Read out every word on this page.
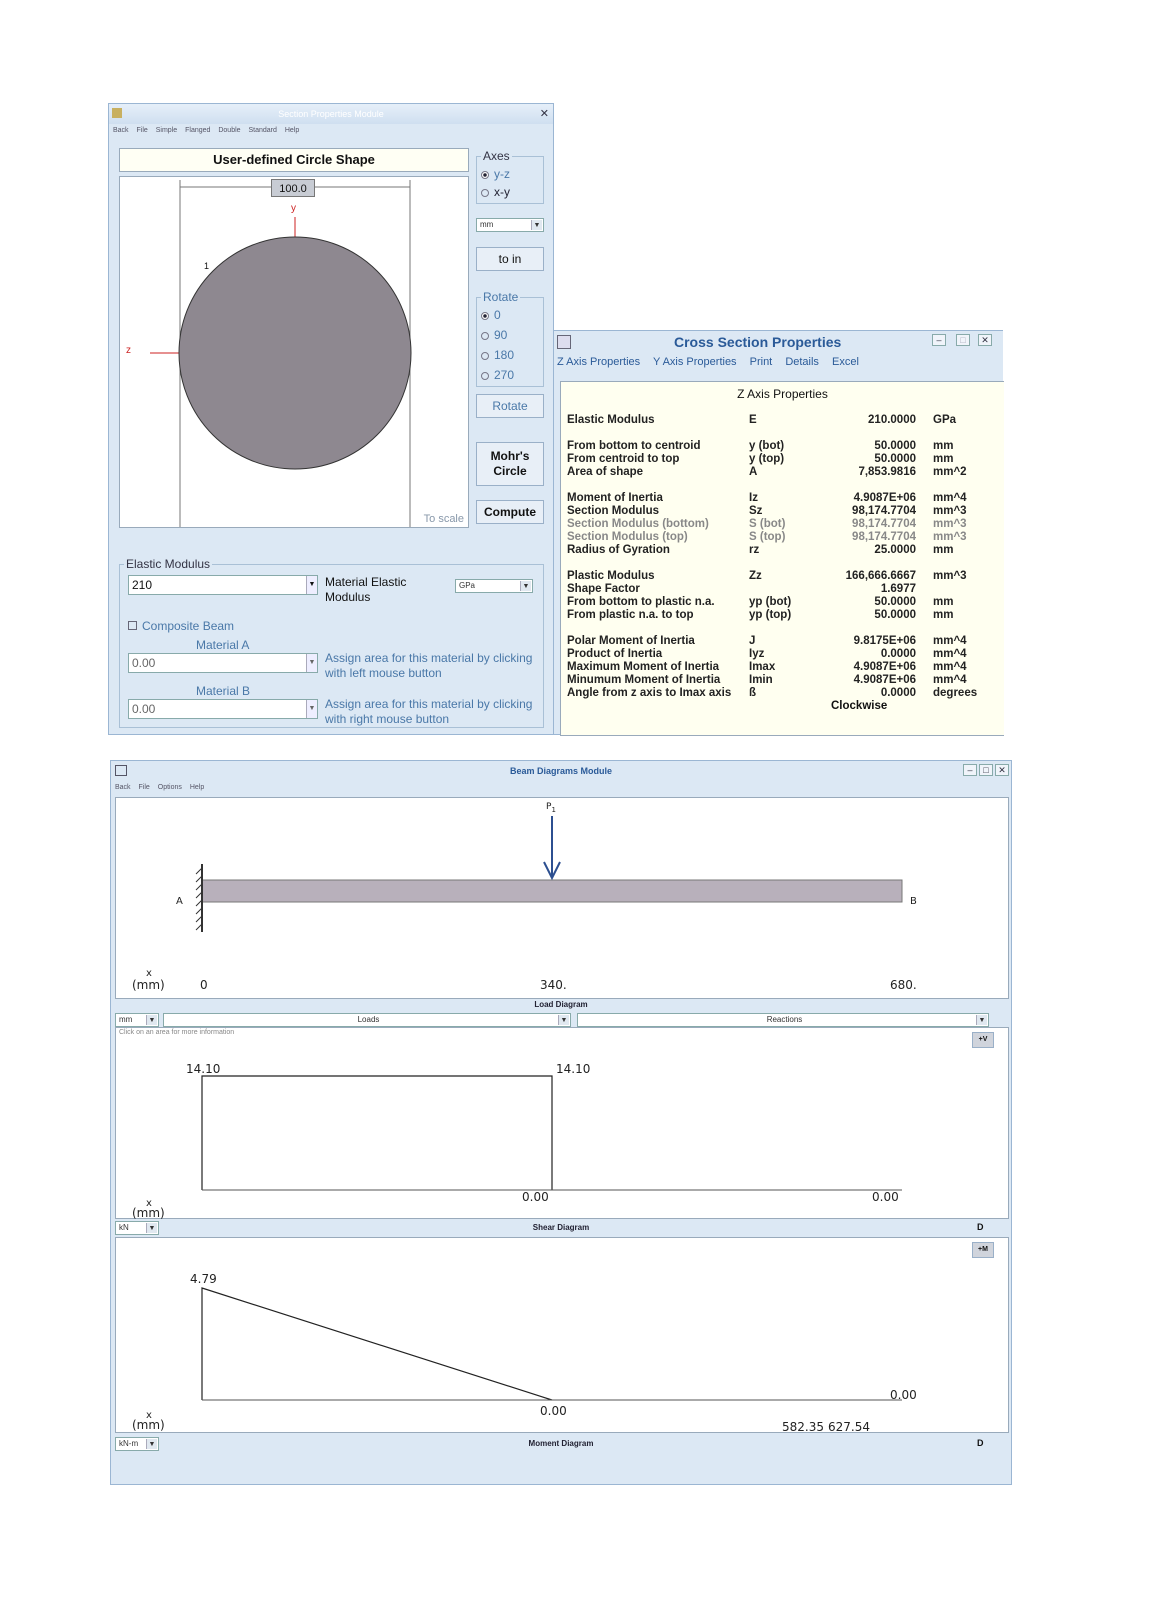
Section Properties Module	✕
Back File Simple Flanged Double Standard Help
User-defined Circle Shape
100.0
y
z
1
To scale
Axes
y-z
x-y
mm	▼
to in
Rotate
0
90
180
270
Rotate
Mohr's
Circle
Compute
Elastic Modulus
210	▼ Material Elastic Modulus
GPa	▼
Composite Beam
Material A
0.00	▼ Assign area for this material by clicking with left mouse button
Material B
0.00	▼ Assign area for this material by clicking with right mouse button
Cross Section Properties	–	□	✕
Z Axis Properties Y Axis Properties Print Details Excel
Z Axis Properties
Elastic Modulus	E	210.0000 GPa
From bottom to centroid	y (bot)	50.0000 mm
From centroid to top	y (top)	50.0000 mm
Area of shape	A	7,853.9816 mm^2
Moment of Inertia	Iz	4.9087E+06 mm^4
Section Modulus	Sz	98,174.7704 mm^3
Section Modulus (bottom)	S (bot)	98,174.7704 mm^3
Section Modulus (top)	S (top)	98,174.7704 mm^3
Radius of Gyration	rz	25.0000 mm
Plastic Modulus	Zz	166,666.6667 mm^3
Shape Factor	1.6977
From bottom to plastic n.a.	yp (bot)	50.0000 mm
From plastic n.a. to top	yp (top)	50.0000 mm
Polar Moment of Inertia	J	9.8175E+06 mm^4
Product of Inertia	Iyz	0.0000 mm^4
Maximum Moment of Inertia	Imax	4.9087E+06 mm^4
Minumum Moment of Inertia Imin	4.9087E+06 mm^4
Angle from z axis to Imax axis ß	0.0000 degrees
Clockwise
Beam Diagrams Module	–	□	✕
Back File Options Help
$P_1$
A	B
x
(mm)	0	340.	680.
Load Diagram
mm	▼	Loads	▼	Reactions	▼
Click on an area for more information
+V
14.10	14.10
0.00	0.00
x
(mm)
kN	▼	Shear Diagram	D
+M
4.79
0.00
0.00
582.35 627.54
x
(mm)
kN-m	▼	Moment Diagram	D
